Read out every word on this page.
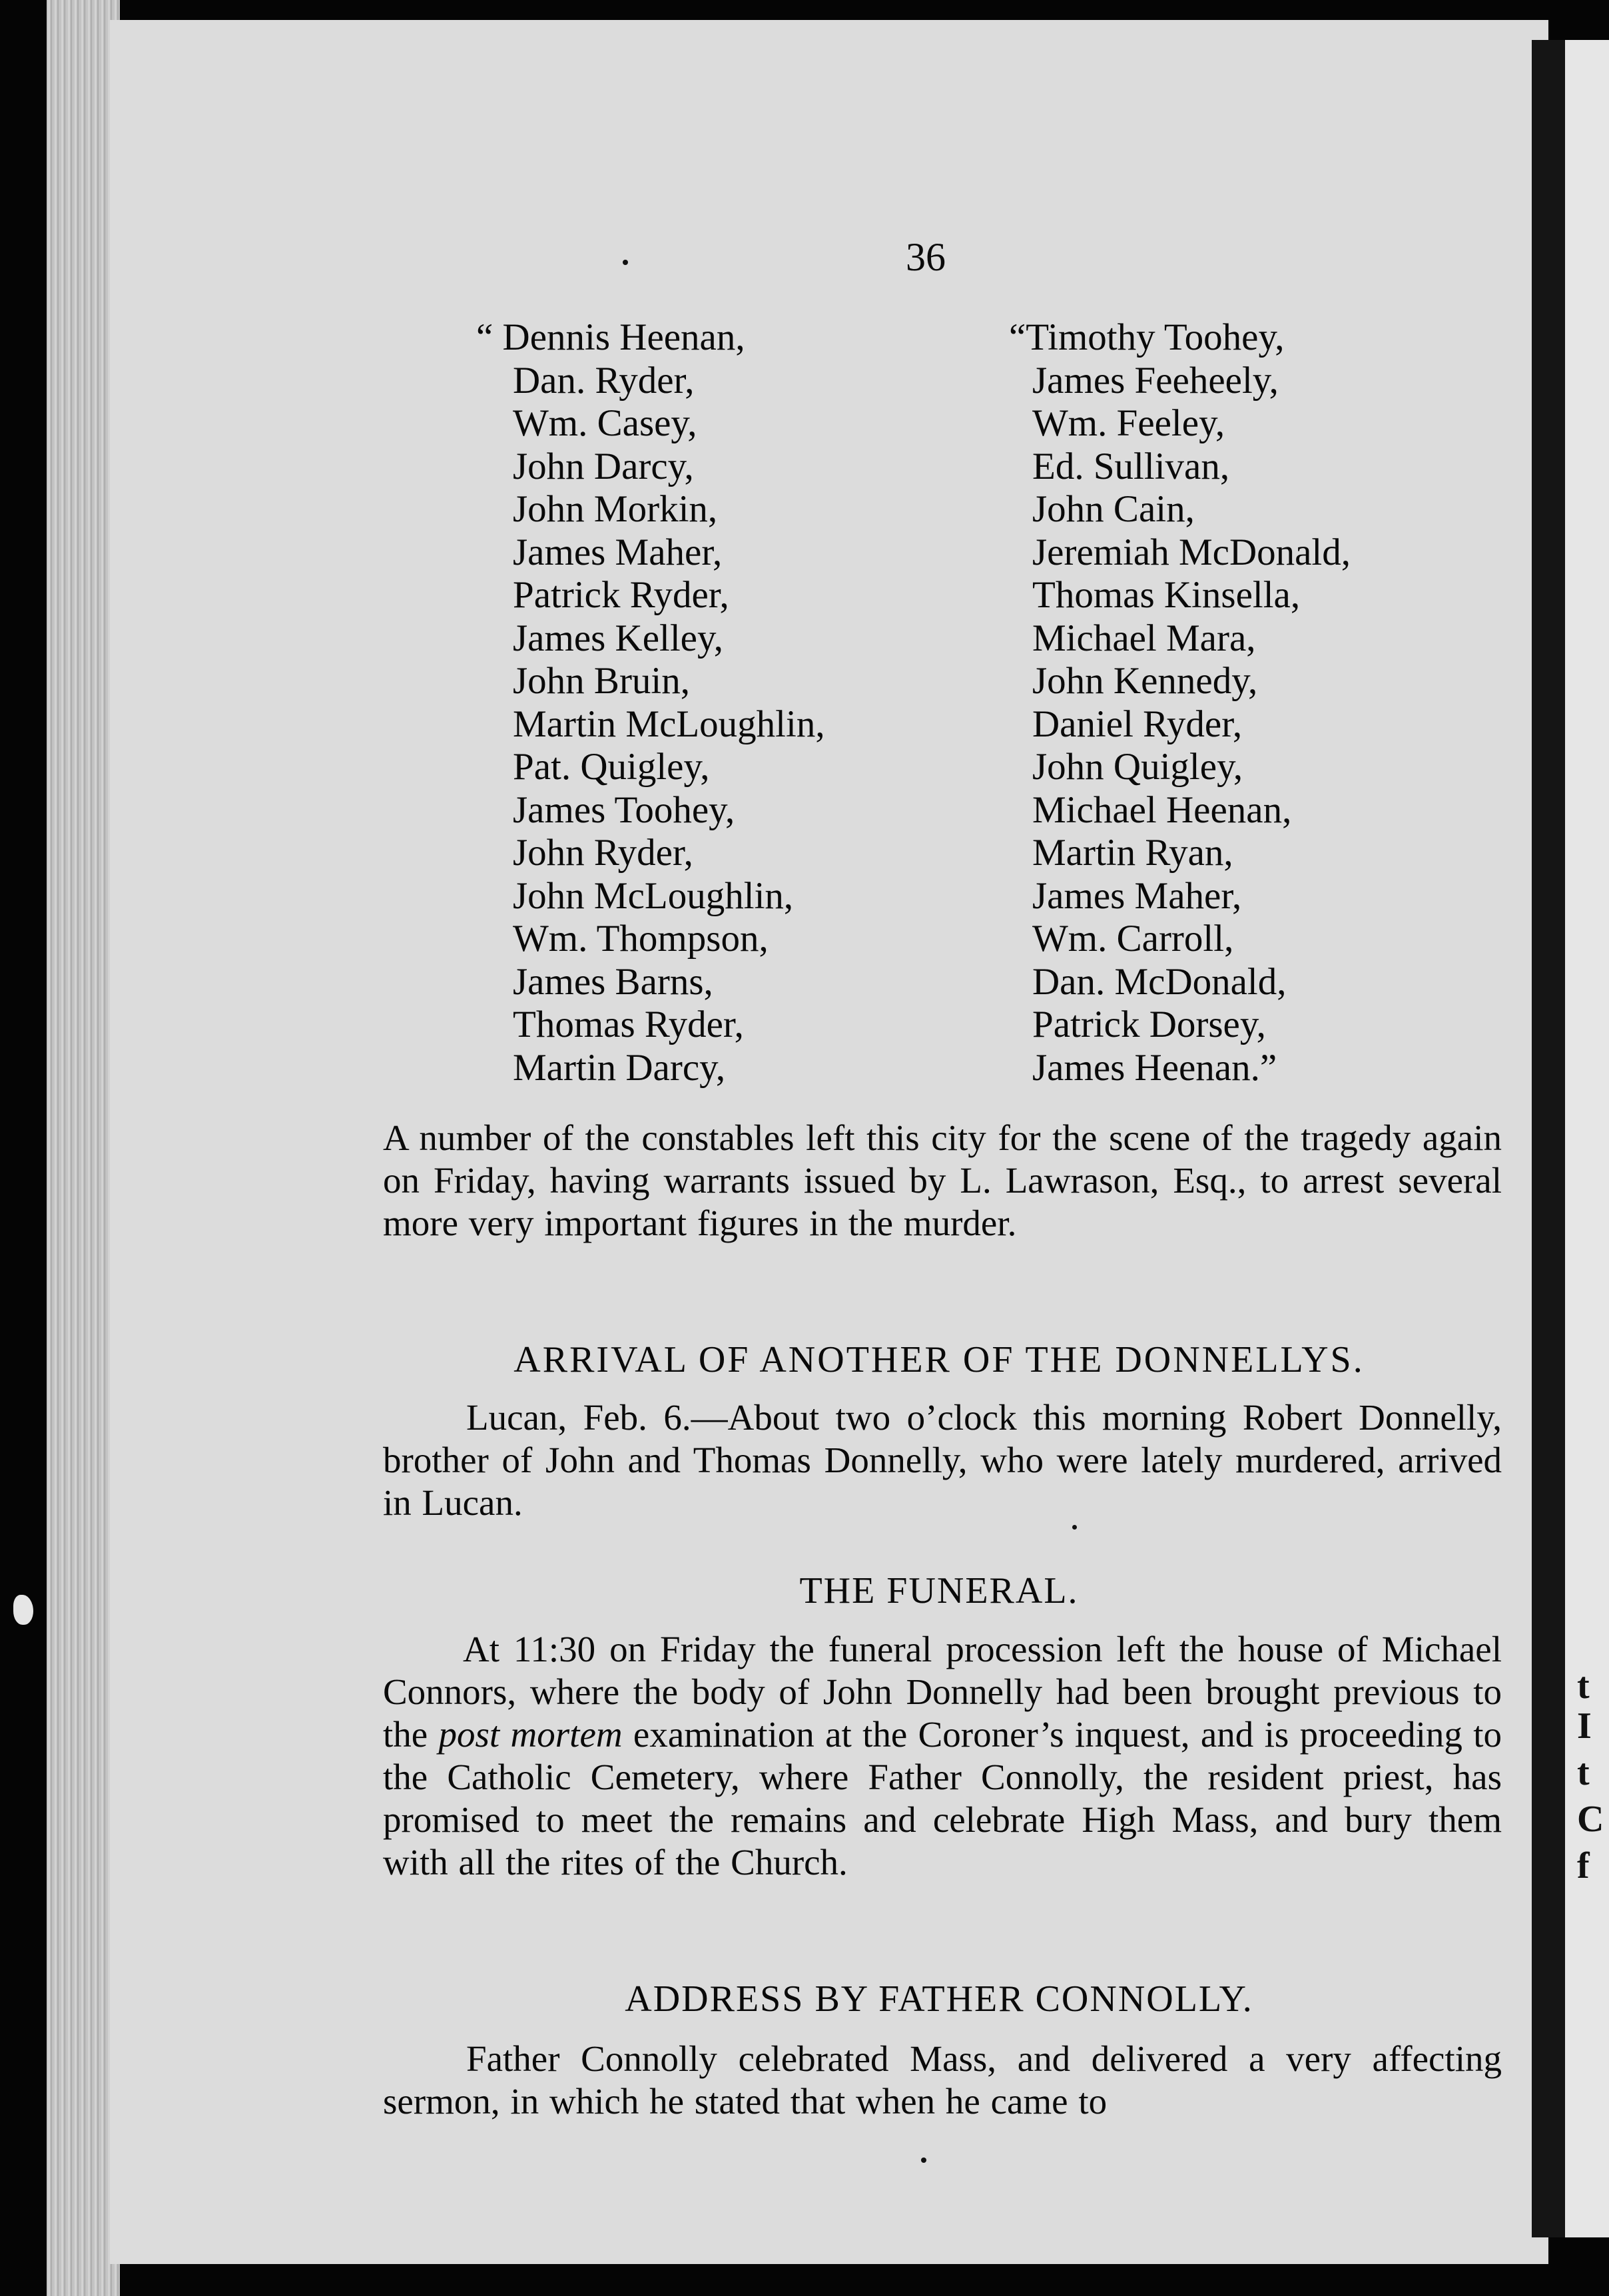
t
I
t
C
f
36
“ Dennis Heenan,
Dan. Ryder,
Wm. Casey,
John Darcy,
John Morkin,
James Maher,
Patrick Ryder,
James Kelley,
John Bruin,
Martin McLoughlin,
Pat. Quigley,
James Toohey,
John Ryder,
John McLoughlin,
Wm. Thompson,
James Barns,
Thomas Ryder,
Martin Darcy,
“Timothy Toohey,
James Feeheely,
Wm. Feeley,
Ed. Sullivan,
John Cain,
Jeremiah McDonald,
Thomas Kinsella,
Michael Mara,
John Kennedy,
Daniel Ryder,
John Quigley,
Michael Heenan,
Martin Ryan,
James Maher,
Wm. Carroll,
Dan. McDonald,
Patrick Dorsey,
James Heenan.”

A number of the constables left this city for the scene of the tragedy again on Friday, having warrants issued by L. Lawrason, Esq., to arrest several more very important figures in the murder.

ARRIVAL OF ANOTHER OF THE DONNELLYS.

Lucan, Feb. 6.—About two o’clock this morning Robert Donnelly, brother of John and Thomas Donnelly, who were lately murdered, arrived in Lucan.

THE FUNERAL.

At 11:30 on Friday the funeral procession left the house of Michael Connors, where the body of John Donnelly had been brought previous to the post mortem examination at the Coroner’s inquest, and is proceeding to the Catholic Cemetery, where Father Connolly, the resident priest, has promised to meet the remains and celebrate High Mass, and bury them with all the rites of the Church.

ADDRESS BY FATHER CONNOLLY.

Father Connolly celebrated Mass, and delivered a very affecting sermon, in which he stated that when he came to
